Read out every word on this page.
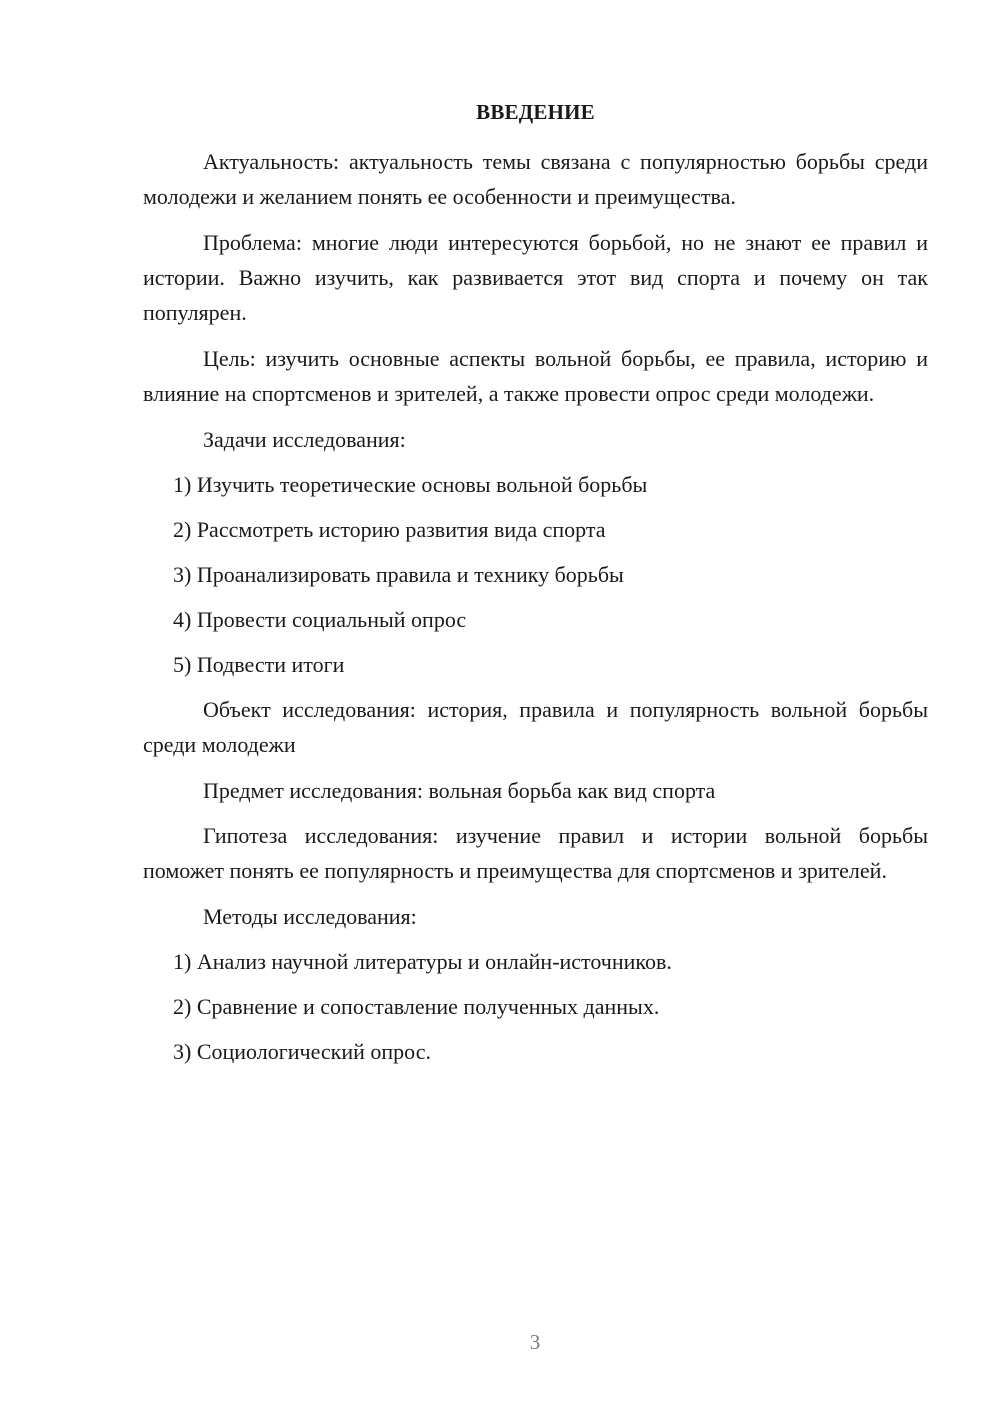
ВВЕДЕНИЕ

Актуальность: актуальность темы связана с популярностью борьбы среди молодежи и желанием понять ее особенности и преимущества.

Проблема: многие люди интересуются борьбой, но не знают ее правил и истории. Важно изучить, как развивается этот вид спорта и почему он так популярен.

Цель: изучить основные аспекты вольной борьбы, ее правила, историю и влияние на спортсменов и зрителей, а также провести опрос среди молодежи.

Задачи исследования:
1) Изучить теоретические основы вольной борьбы
2) Рассмотреть историю развития вида спорта
3) Проанализировать правила и технику борьбы
4) Провести социальный опрос
5) Подвести итоги

Объект исследования: история, правила и популярность вольной борьбы среди молодежи

Предмет исследования: вольная борьба как вид спорта

Гипотеза исследования: изучение правил и истории вольной борьбы поможет понять ее популярность и преимущества для спортсменов и зрителей.

Методы исследования:
1) Анализ научной литературы и онлайн-источников.
2) Сравнение и сопоставление полученных данных.
3) Социологический опрос.
3
